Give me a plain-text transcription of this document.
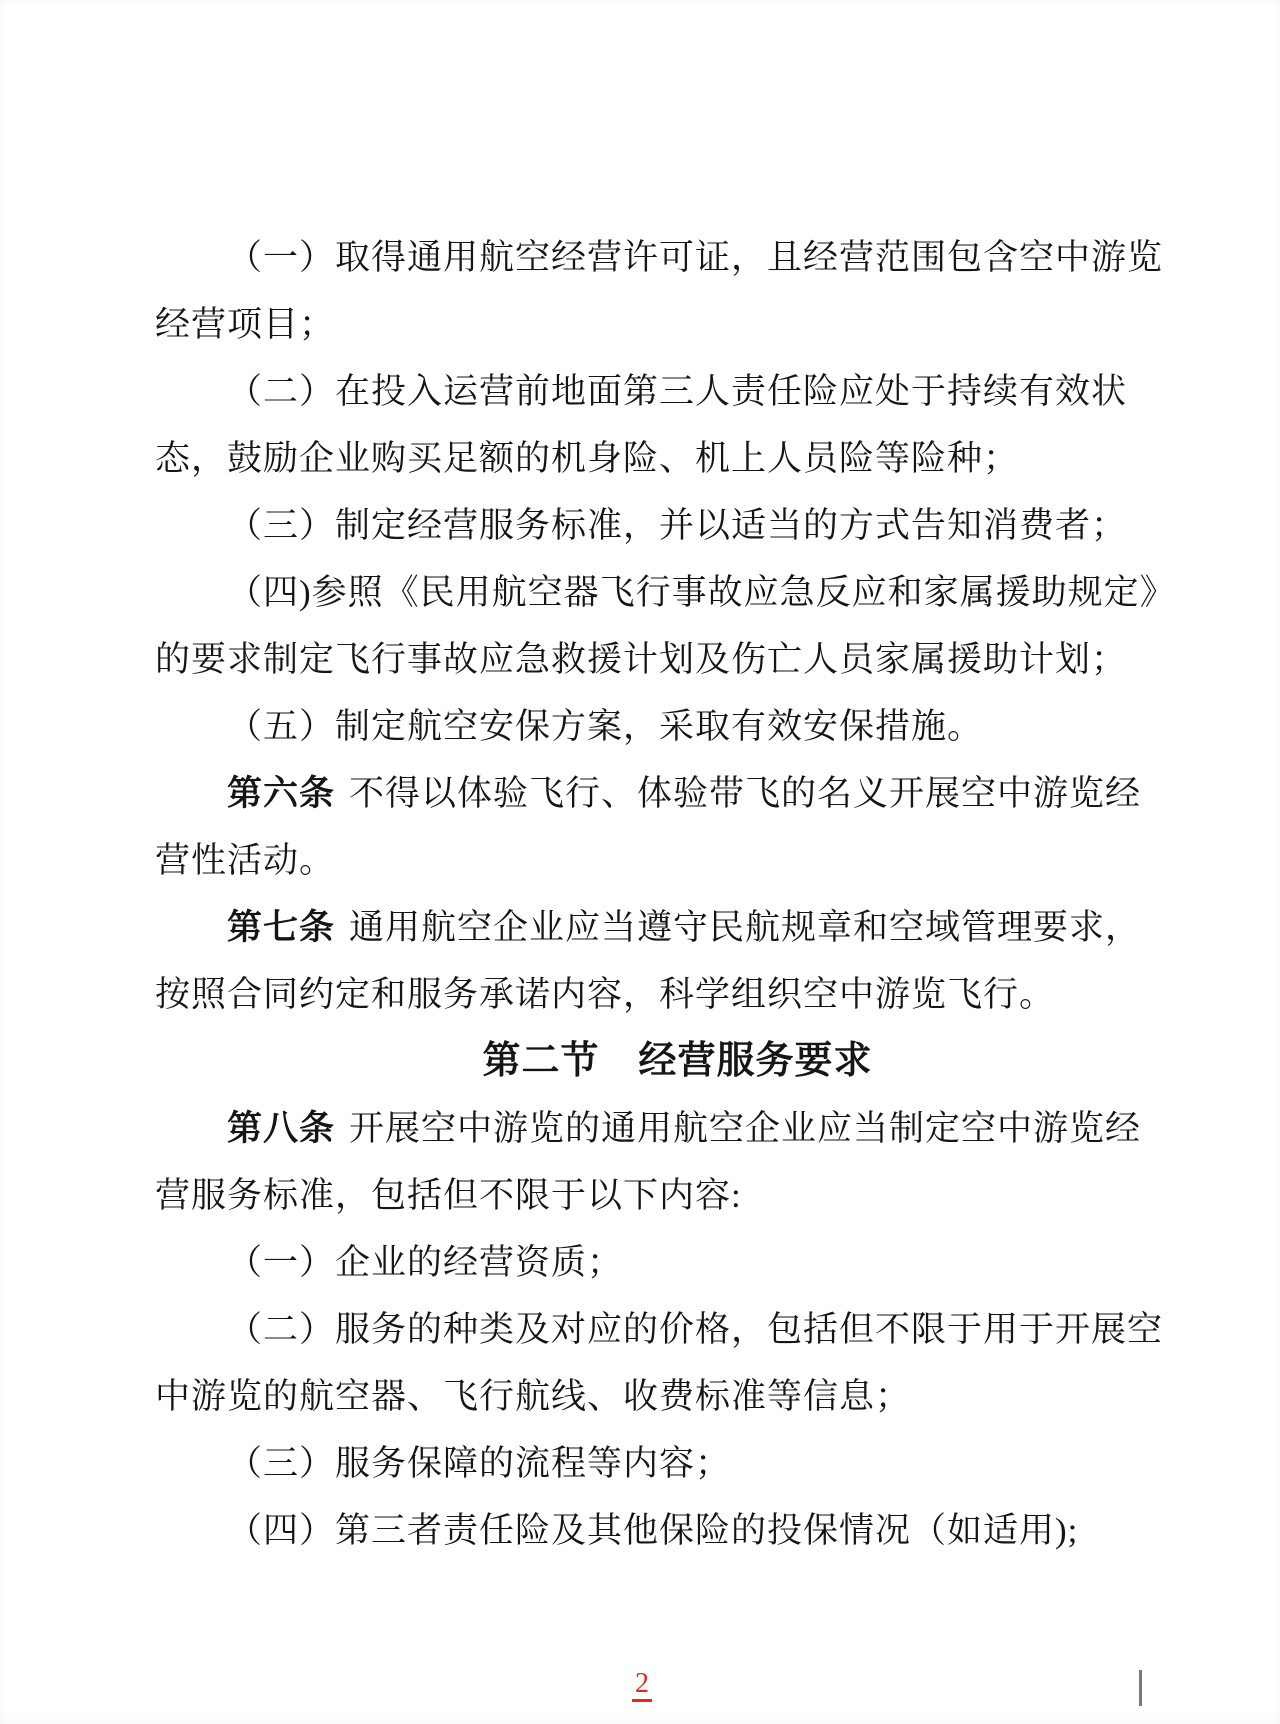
（一）取得通用航空经营许可证，且经营范围包含空中游览
经营项目；
（二）在投入运营前地面第三人责任险应处于持续有效状
态，鼓励企业购买足额的机身险、机上人员险等险种；
（三）制定经营服务标准，并以适当的方式告知消费者；
（四)参照《民用航空器飞行事故应急反应和家属援助规定》
的要求制定飞行事故应急救援计划及伤亡人员家属援助计划；
（五）制定航空安保方案，采取有效安保措施。
第六条 不得以体验飞行、体验带飞的名义开展空中游览经
营性活动。
第七条 通用航空企业应当遵守民航规章和空域管理要求，
按照合同约定和服务承诺内容，科学组织空中游览飞行。
第二节　经营服务要求
第八条 开展空中游览的通用航空企业应当制定空中游览经
营服务标准，包括但不限于以下内容:
（一）企业的经营资质；
（二）服务的种类及对应的价格，包括但不限于用于开展空
中游览的航空器、飞行航线、收费标准等信息；
（三）服务保障的流程等内容；
（四）第三者责任险及其他保险的投保情况（如适用);
2
